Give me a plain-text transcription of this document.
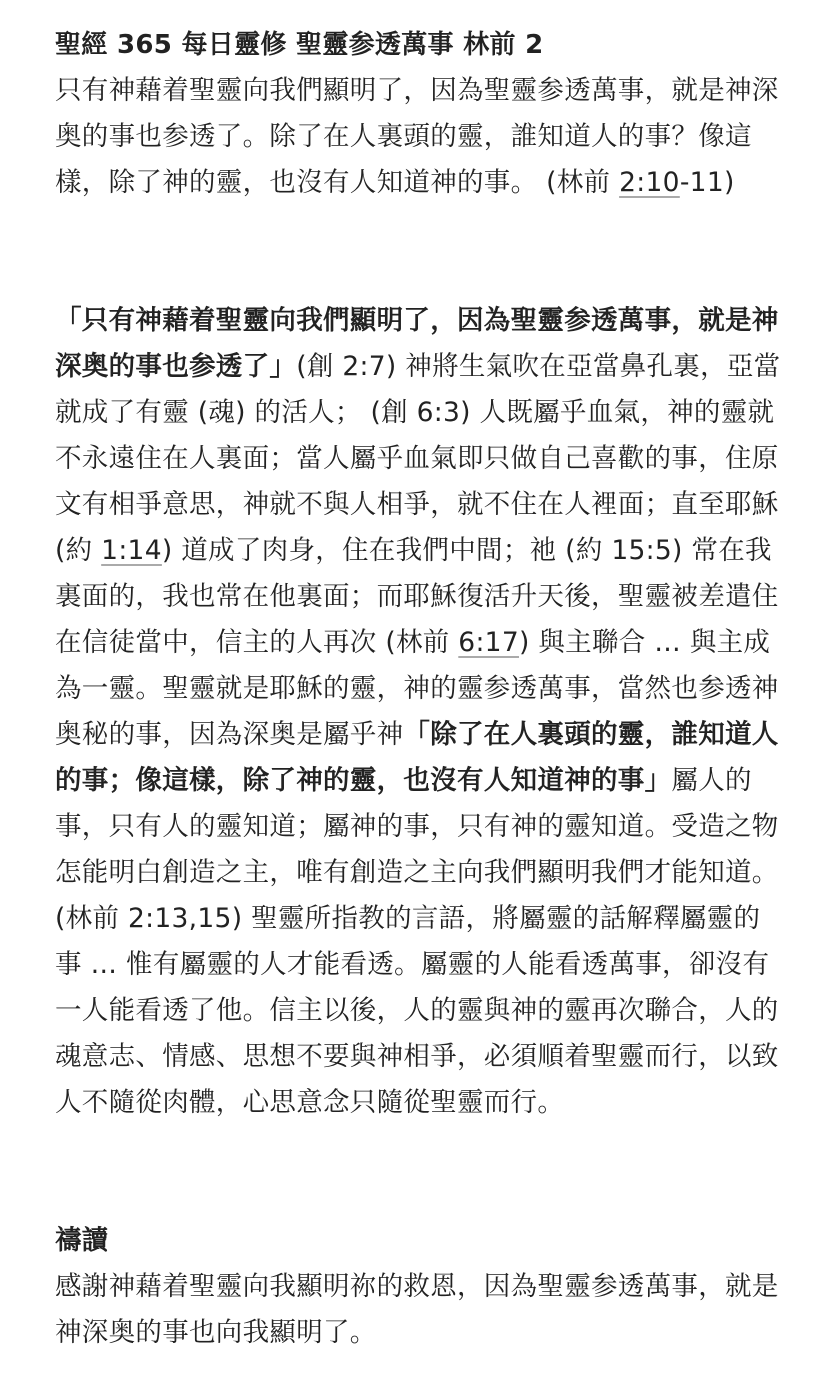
聖經 365 每日靈修 聖靈参透萬事 林前 2

只有神藉着聖靈向我們顯明了，因為聖靈参透萬事，就是神深奥的事也参透了。除了在人裏頭的靈，誰知道人的事？像這樣，除了神的靈，也沒有人知道神的事。 (林前 2:10-11)

「只有神藉着聖靈向我們顯明了，因為聖靈参透萬事，就是神深奥的事也参透了」(創 2:7) 神將生氣吹在亞當鼻孔裏，亞當就成了有靈 (魂) 的活人； (創 6:3) 人既屬乎血氣，神的靈就不永遠住在人裏面；當人屬乎血氣即只做自己喜歡的事，住原文有相爭意思，神就不與人相爭，就不住在人裡面；直至耶穌 (約 1:14) 道成了肉身，住在我們中間；祂 (約 15:5) 常在我裏面的，我也常在他裏面；而耶穌復活升天後，聖靈被差遣住在信徒當中，信主的人再次 (林前 6:17) 與主聯合 … 與主成為一靈。聖靈就是耶穌的靈，神的靈参透萬事，當然也参透神奥秘的事，因為深奥是屬乎神「除了在人裏頭的靈，誰知道人的事；像這樣，除了神的靈，也沒有人知道神的事」屬人的事，只有人的靈知道；屬神的事，只有神的靈知道。受造之物怎能明白創造之主，唯有創造之主向我們顯明我們才能知道。(林前 2:13,15) 聖靈所指教的言語，將屬靈的話解釋屬靈的事 … 惟有屬靈的人才能看透。屬靈的人能看透萬事，卻沒有一人能看透了他。信主以後，人的靈與神的靈再次聯合，人的魂意志、情感、思想不要與神相爭，必須順着聖靈而行，以致人不隨從肉體，心思意念只隨從聖靈而行。

禱讀

感謝神藉着聖靈向我顯明祢的救恩，因為聖靈参透萬事，就是神深奥的事也向我顯明了。
